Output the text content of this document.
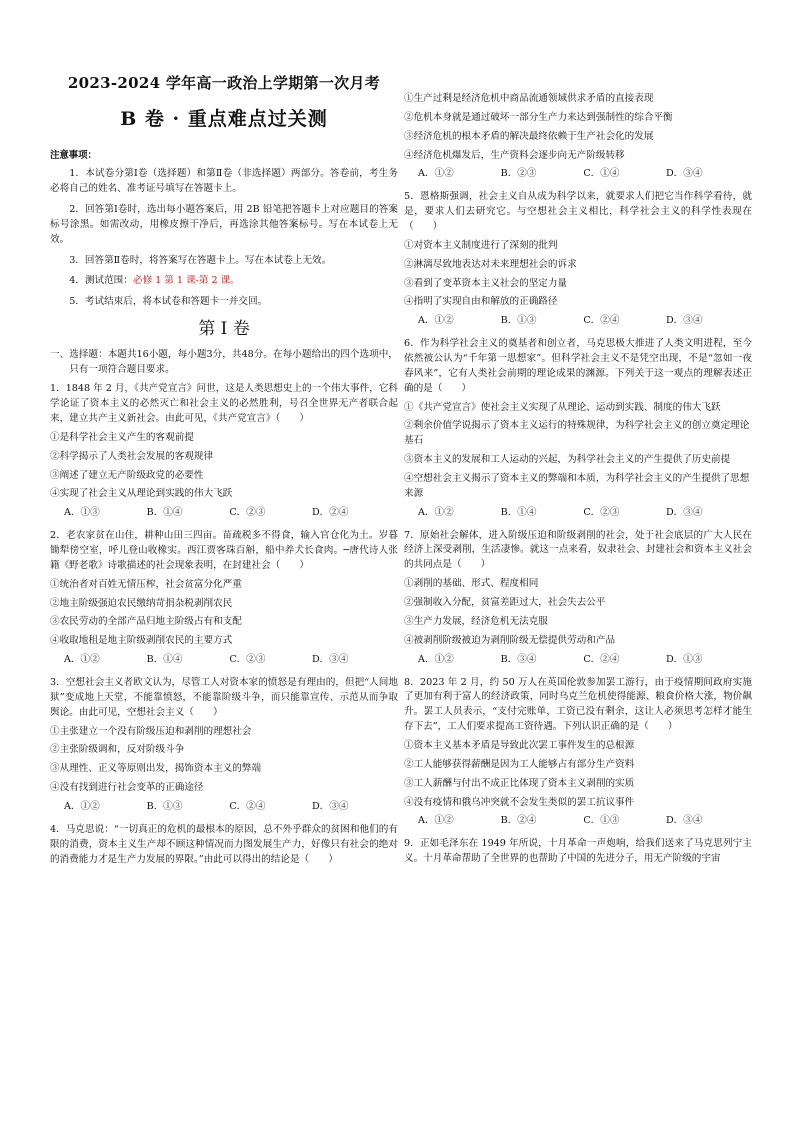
2023-2024 学年高一政治上学期第一次月考
B 卷 · 重点难点过关测
注意事项：

1．本试卷分第Ⅰ卷（选择题）和第Ⅱ卷（非选择题）两部分。答卷前，考生务必将自己的姓名、准考证号填写在答题卡上。

2．回答第Ⅰ卷时，选出每小题答案后，用 2B 铅笔把答题卡上对应题目的答案标号涂黑。如需改动，用橡皮擦干净后，再选涂其他答案标号。写在本试卷上无效。

3．回答第Ⅱ卷时，将答案写在答题卡上。写在本试卷上无效。

4．测试范围：必修 1 第 1 课-第 2 课。

5．考试结束后，将本试卷和答题卡一并交回。

第 Ⅰ 卷

一、选择题：本题共16小题，每小题3分，共48分。在每小题给出的四个选项中，只有一项符合题目要求。

1．1848 年 2 月，《共产党宣言》问世，这是人类思想史上的一个伟大事件，它科学论证了资本主义的必然灭亡和社会主义的必然胜利，号召全世界无产者联合起来，建立共产主义新社会。由此可见，《共产党宣言》（　　）

①是科学社会主义产生的客观前提

②科学揭示了人类社会发展的客观规律

③阐述了建立无产阶级政党的必要性

④实现了社会主义从理论到实践的伟大飞跃

A．①③	B．①④	C．②③	D．②④

2．老农家贫在山住，耕种山田三四亩。苗疏税多不得食，输入官仓化为土。岁暮锄犁傍空室，呼儿登山收橡实。西江贾客珠百斛，船中养犬长食肉。─唐代诗人张籍《野老歌》诗歌描述的社会现象表明，在封建社会（　　）

①统治者对百姓无情压榨，社会贫富分化严重

②地主阶级强迫农民缴纳苛捐杂税剥削农民

③农民劳动的全部产品归地主阶级占有和支配

④收取地租是地主阶级剥削农民的主要方式

A．①②	B．①④	C．②③	D．③④

3．空想社会主义者欧文认为，尽管工人对资本家的愤怒是有理由的，但把“人间地狱”变成地上天堂，不能靠愤怒，不能靠阶级斗争，而只能靠宣传、示范从而争取舆论。由此可见，空想社会主义（　　）

①主张建立一个没有阶级压迫和剥削的理想社会

②主张阶级调和，反对阶级斗争

③从理性、正义等原则出发，揭饰资本主义的弊端

④没有找到进行社会变革的正确途径

A．①②	B．①③	C．②④	D．③④

4．马克思说：“一切真正的危机的最根本的原因，总不外乎群众的贫困和他们的有限的消费，资本主义生产却不顾这种情况而力图发展生产力，好像只有社会的绝对的消费能力才是生产力发展的界限。”由此可以得出的结论是（　　）

①生产过剩是经济危机中商品流通领域供求矛盾的直接表现

②危机本身就是通过破坏一部分生产力来达到强制性的综合平衡

③经济危机的根本矛盾的解决最终依赖于生产社会化的发展

④经济危机爆发后，生产资料会逐步向无产阶级转移

A．①②	B．②③	C．①④	D．③④

5．恩格斯强调，社会主义自从成为科学以来，就要求人们把它当作科学看待，就是，要求人们去研究它。与空想社会主义相比，科学社会主义的科学性表现在（　　）

①对资本主义制度进行了深刻的批判

②淋漓尽致地表达对未来理想社会的诉求

③看到了变革资本主义社会的坚定力量

④指明了实现自由和解放的正确路径

A．①②	B．①③	C．②④	D．③④

6．作为科学社会主义的奠基者和创立者，马克思极大推进了人类文明进程，至今依然被公认为“千年第一思想家”。但科学社会主义不是凭空出现，不是“忽如一夜春风来”，它有人类社会前期的理论成果的渊源。下列关于这一观点的理解表述正确的是（　　）

①《共产党宣言》使社会主义实现了从理论、运动到实践、制度的伟大飞跃

②剩余价值学说揭示了资本主义运行的特殊规律，为科学社会主义的创立奠定理论基石

③资本主义的发展和工人运动的兴起，为科学社会主义的产生提供了历史前提

④空想社会主义揭示了资本主义的弊端和本质，为科学社会主义的产生提供了思想来源

A．①②	B．①④	C．②③	D．③④

7．原始社会解体，进入阶级压迫和阶级剥削的社会，处于社会底层的广大人民在经济上深受剥削，生活凄惨。就这一点来看，奴隶社会、封建社会和资本主义社会的共同点是（　　）

①剥削的基础、形式、程度相同

②强制收入分配，贫富差距过大，社会失去公平

③生产力发展，经济危机无法克服

④被剥削阶级被迫为剥削阶级无偿提供劳动和产品

A．①②	B．③④	C．②④	D．①③

8．2023 年 2 月，约 50 万人在英国伦敦参加罢工游行，由于疫情期间政府实施了更加有利于富人的经济政策，同时乌克兰危机使得能源、粮食价格大涨，物价飙升。罢工人员表示，“支付完账单，工资已没有剩余，这让人必须思考怎样才能生存下去”，工人们要求提高工资待遇。下列认识正确的是（　　）

①资本主义基本矛盾是导致此次罢工事件发生的总根源

②工人能够获得薪酬是因为工人能够占有部分生产资料

③工人薪酬与付出不成正比体现了资本主义剥削的实质

④没有疫情和俄乌冲突就不会发生类似的罢工抗议事件

A．①②	B．②④	C．①③	D．③④

9．正如毛泽东在 1949 年所说，十月革命一声炮响，给我们送来了马克思列宁主义。十月革命帮助了全世界的也帮助了中国的先进分子，用无产阶级的宇宙
